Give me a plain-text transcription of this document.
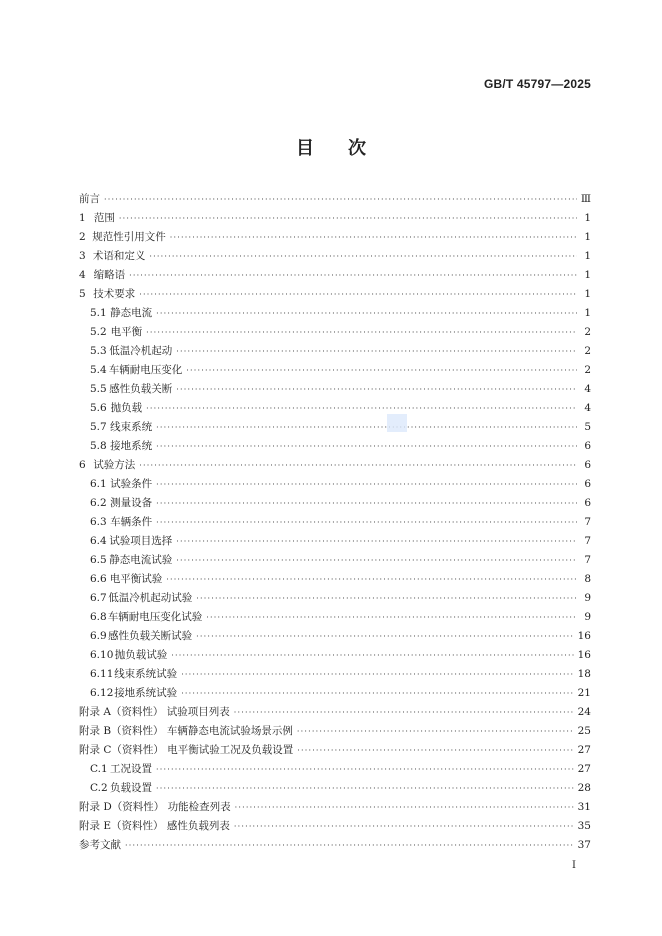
GB/T 45797—2025
目 次
前言 ·····	Ⅲ
1 范围 ·····	1
2 规范性引用文件 ·····	1
3 术语和定义 ·····	1
4 缩略语 ·····	1
5 技术要求 ·····	1
5.1 静态电流 ·····	1
5.2 电平衡 ·····	2
5.3 低温冷机起动 ·····	2
5.4 车辆耐电压变化 ·····	2
5.5 感性负载关断 ·····	4
5.6 抛负载 ·····	4
5.7 线束系统 ·····	5
5.8 接地系统 ·····	6
6 试验方法 ·····	6
6.1 试验条件 ·····	6
6.2 测量设备 ·····	6
6.3 车辆条件 ·····	7
6.4 试验项目选择 ·····	7
6.5 静态电流试验 ·····	7
6.6 电平衡试验 ·····	8
6.7 低温冷机起动试验 ·····	9
6.8 车辆耐电压变化试验 ·····	9
6.9 感性负载关断试验 ·····	16
6.10 抛负载试验 ·····	16
6.11 线束系统试验 ·····	18
6.12 接地系统试验 ·····	21
附录 A（资料性） 试验项目列表 ·····	24
附录 B（资料性） 车辆静态电流试验场景示例 ·····	25
附录 C（资料性） 电平衡试验工况及负载设置 ·····	27
C.1 工况设置 ·····	27
C.2 负载设置 ·····	28
附录 D（资料性） 功能检查列表 ·····	31
附录 E（资料性） 感性负载列表 ·····	35
参考文献 ·····	37
I
